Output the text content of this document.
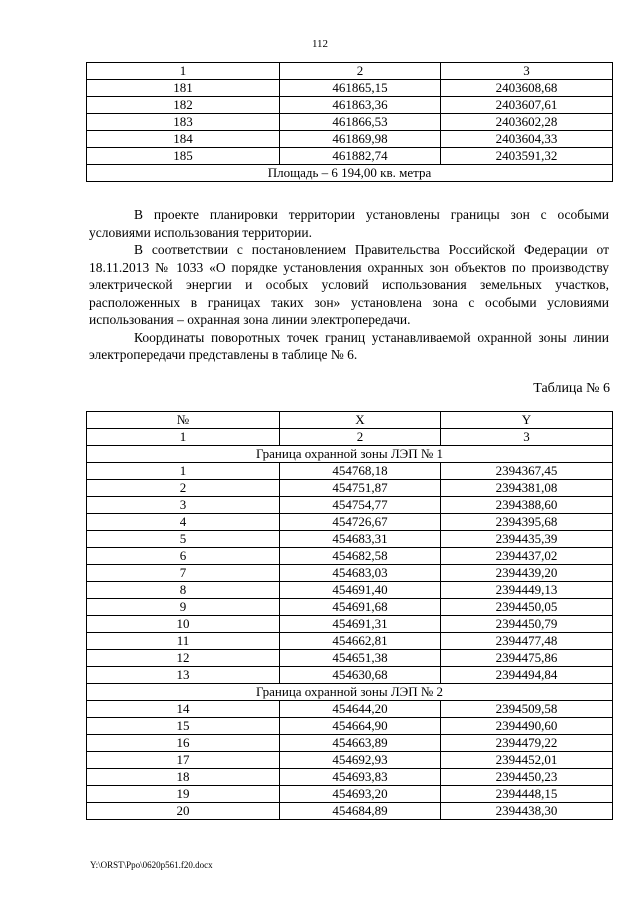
112
1	2	3
181	461865,15	2403608,68
182	461863,36	2403607,61
183	461866,53	2403602,28
184	461869,98	2403604,33
185	461882,74	2403591,32
Площадь – 6 194,00 кв. метра		

В проекте планировки территории установлены границы зон с особыми условиями использования территории.

В соответствии с постановлением Правительства Российской Федерации от 18.11.2013 № 1033 «О порядке установления охранных зон объектов по производству электрической энергии и особых условий использования земельных участков, расположенных в границах таких зон» установлена зона с особыми условиями использования – охранная зона линии электропередачи.

Координаты поворотных точек границ устанавливаемой охранной зоны линии электропередачи представлены в таблице № 6.

Таблица № 6
№	X	Y
1	2	3
Граница охранной зоны ЛЭП № 1		
1	454768,18	2394367,45
2	454751,87	2394381,08
3	454754,77	2394388,60
4	454726,67	2394395,68
5	454683,31	2394435,39
6	454682,58	2394437,02
7	454683,03	2394439,20
8	454691,40	2394449,13
9	454691,68	2394450,05
10	454691,31	2394450,79
11	454662,81	2394477,48
12	454651,38	2394475,86
13	454630,68	2394494,84
Граница охранной зоны ЛЭП № 2		
14	454644,20	2394509,58
15	454664,90	2394490,60
16	454663,89	2394479,22
17	454692,93	2394452,01
18	454693,83	2394450,23
19	454693,20	2394448,15
20	454684,89	2394438,30
Y:\ORST\Ppo\0620p561.f20.docx
